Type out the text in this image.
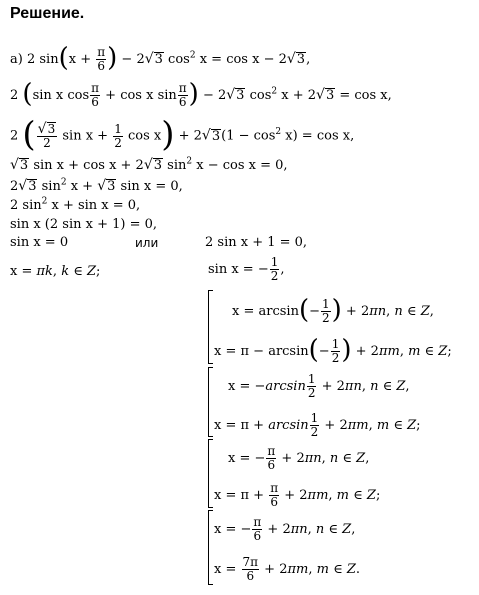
Решение.
а) 2 $\sin(x + \frac{\pi}{6}$ ) − 2√3 $\cos^2 x = \cos x - 2√3$,
2 (sin x $\cos \frac{\pi}{6} + \cos x$ $\sin \frac{\pi}{6}$ ) − 2√3 $\cos^2 x + 2√3 = \cos x$,
2 ( $\frac{√3}{2}$ $\sin x + \frac{1}{2}$ $\cos x) + 2√3(1 - \cos^2 x) = \cos x$,
√3 sin x + cos x + 2√3 $\sin^2 x - \cos x = 0$,
2√3 $\sin^2 x + √3$ sin x = 0,
2 $\sin^2 x + \sin x = 0$,
sin x (2 sin x + 1) = 0,
sin x = 0	или	2 sin x + 1 = 0,
x = πk, k ∈ Z;	sin x = − $\frac{1}{2}$ ,
$x = \arcsin(- \frac{1}{2}$ ) + 2πn, n ∈ Z,
$x = \pi - \arcsin(- \frac{1}{2}$ ) + 2πm, m ∈ Z;
$x = -\arcsin \frac{1}{2} + 2\pi n$, n ∈ Z,
$x = \pi + \arcsin \frac{1}{2} + 2\pi m$, m ∈ Z;
x = − $\frac{\pi}{6} + 2\pi n$, n ∈ Z,
$x = \pi + \frac{\pi}{6} + 2\pi m$, m ∈ Z;
x = − $\frac{\pi}{6} + 2\pi n$, n ∈ Z,
$x = \frac{7\pi}{6} + 2\pi m$, m ∈ Z.
